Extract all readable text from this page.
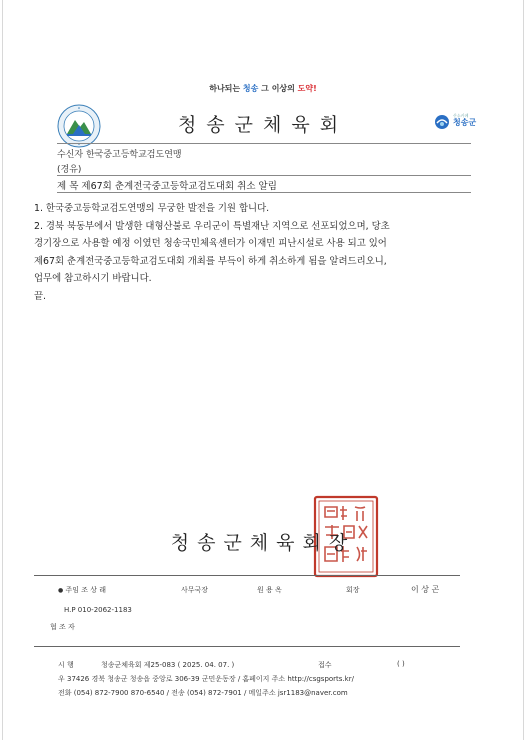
하나되는 청송 그 이상의 도약!
청송군체육회	산소카페
청송군
수신자 한국중고등학교검도연맹
(경유)
제 목 제67회 춘계전국중고등학교검도대회 취소 알림

1. 한국중고등학교검도연맹의 무궁한 발전을 기원 합니다.

2. 경북 북동부에서 발생한 대형산불로 우리군이 특별재난 지역으로 선포되었으며, 당초

경기장으로 사용할 예정 이였던 청송국민체육센터가 이재민 피난시설로 사용 되고 있어

제67회 춘계전국중고등학교검도대회 개최를 부득이 하게 취소하게 됨을 알려드리오니,

업무에 참고하시기 바랍니다.

끝.

청송군체육회장
● 주임 조 상 래	사무국장	원 용 옥	회장	이 상 곤
H.P 010-2062-1183
협 조 자
시 행	청송군체육회 제25-083 ( 2025. 04. 07. )	접수	( )
우 37426 경북 청송군 청송읍 중앙로 306-39 군민운동장 / 홈페이지 주소 http://csgsports.kr/
전화 (054) 872-7900 870-6540 / 전송 (054) 872-7901 / 메일주소 jsr1183@naver.com
